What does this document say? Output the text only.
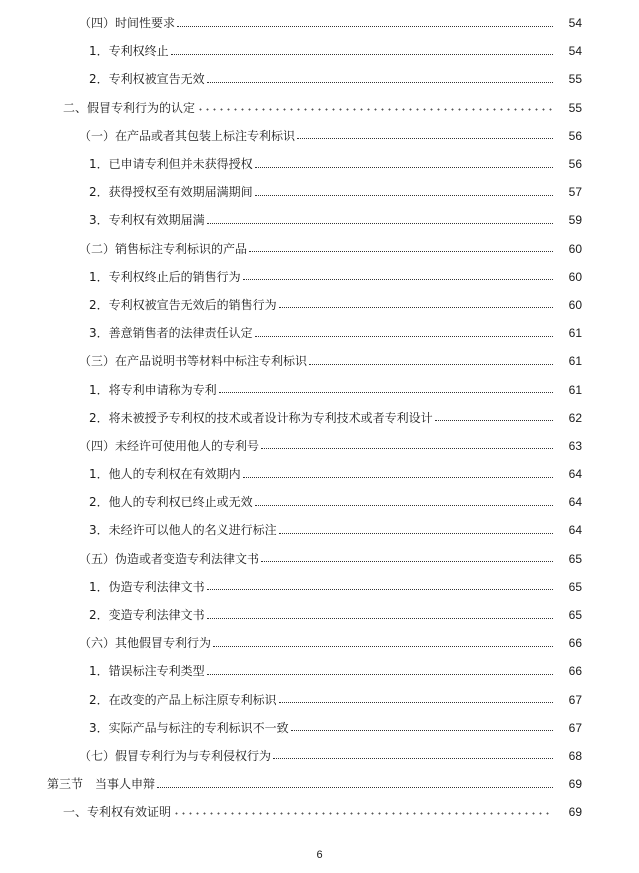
（四）时间性要求	54
1．专利权终止	54
2．专利权被宣告无效	55
二、假冒专利行为的认定	55
（一）在产品或者其包装上标注专利标识	56
1．已申请专利但并未获得授权	56
2．获得授权至有效期届满期间	57
3．专利权有效期届满	59
（二）销售标注专利标识的产品	60
1．专利权终止后的销售行为	60
2．专利权被宣告无效后的销售行为	60
3．善意销售者的法律责任认定	61
（三）在产品说明书等材料中标注专利标识	61
1．将专利申请称为专利	61
2．将未被授予专利权的技术或者设计称为专利技术或者专利设计	62
（四）未经许可使用他人的专利号	63
1．他人的专利权在有效期内	64
2．他人的专利权已终止或无效	64
3．未经许可以他人的名义进行标注	64
（五）伪造或者变造专利法律文书	65
1．伪造专利法律文书	65
2．变造专利法律文书	65
（六）其他假冒专利行为	66
1．错误标注专利类型	66
2．在改变的产品上标注原专利标识	67
3．实际产品与标注的专利标识不一致	67
（七）假冒专利行为与专利侵权行为	68
第三节　当事人申辩	69
一、专利权有效证明	69
6
